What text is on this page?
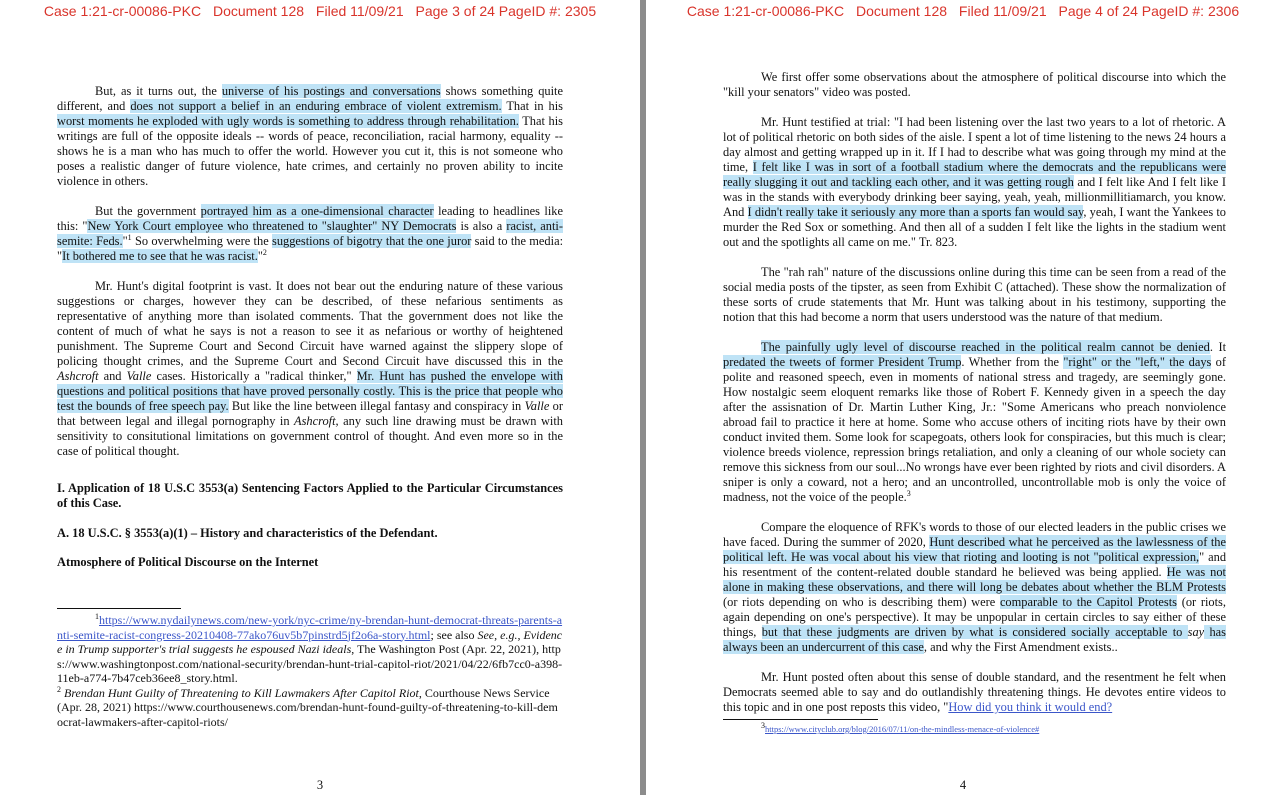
Case 1:21-cr-00086-PKC Document 128 Filed 11/09/21 Page 3 of 24 PageID #: 2305

But, as it turns out, the universe of his postings and conversations shows something quite different, and does not support a belief in an enduring embrace of violent extremism. That in his worst moments he exploded with ugly words is something to address through rehabilitation. That his writings are full of the opposite ideals -- words of peace, reconciliation, racial harmony, equality -- shows he is a man who has much to offer the world. However you cut it, this is not someone who poses a realistic danger of future violence, hate crimes, and certainly no proven ability to incite violence in others.

But the government portrayed him as a one-dimensional character leading to headlines like this: "New York Court employee who threatened to "slaughter" NY Democrats is also a racist, anti-semite: Feds."$^1$ So overwhelming were the suggestions of bigotry that the one juror said to the media: "It bothered me to see that he was racist."$^2$

Mr. Hunt's digital footprint is vast. It does not bear out the enduring nature of these various suggestions or charges, however they can be described, of these nefarious sentiments as representative of anything more than isolated comments. That the government does not like the content of much of what he says is not a reason to see it as nefarious or worthy of heightened punishment. The Supreme Court and Second Circuit have warned against the slippery slope of policing thought crimes, and the Supreme Court and Second Circuit have discussed this in the Ashcroft and Valle cases. Historically a "radical thinker," Mr. Hunt has pushed the envelope with questions and political positions that have proved personally costly. This is the price that people who test the bounds of free speech pay. But like the line between illegal fantasy and conspiracy in Valle or that between legal and illegal pornography in Ashcroft, any such line drawing must be drawn with sensitivity to consitutional limitations on government control of thought. And even more so in the case of political thought.

I. Application of 18 U.S.C 3553(a) Sentencing Factors Applied to the Particular Circumstances of this Case.
A. 18 U.S.C. § 3553(a)(1) – History and characteristics of the Defendant.
Atmosphere of Political Discourse on the Internet
$^1$https://www.nydailynews.com/new-york/nyc-crime/ny-brendan-hunt-democrat-threats-parents-anti-semite-racist-congress-20210408-77ako76uv5b7pinstrd5jf2o6a-story.html; see also See, e.g., Evidence in Trump supporter's trial suggests he espoused Nazi ideals, The Washington Post (Apr. 22, 2021), https://www.washingtonpost.com/national-security/brendan-hunt-trial-capitol-riot/2021/04/22/6fb7cc0-a398-11eb-a774-7b47ceb36ee8_story.html.
$^2$ Brendan Hunt Guilty of Threatening to Kill Lawmakers After Capitol Riot, Courthouse News Service (Apr. 28, 2021) https://www.courthousenews.com/brendan-hunt-found-guilty-of-threatening-to-kill-democrat-lawmakers-after-capitol-riots/
3
Case 1:21-cr-00086-PKC Document 128 Filed 11/09/21 Page 4 of 24 PageID #: 2306

We first offer some observations about the atmosphere of political discourse into which the "kill your senators" video was posted.

Mr. Hunt testified at trial: "I had been listening over the last two years to a lot of rhetoric. A lot of political rhetoric on both sides of the aisle. I spent a lot of time listening to the news 24 hours a day almost and getting wrapped up in it. If I had to describe what was going through my mind at the time, I felt like I was in sort of a football stadium where the democrats and the republicans were really slugging it out and tackling each other, and it was getting rough and I felt like And I felt like I was in the stands with everybody drinking beer saying, yeah, yeah, millionmillitiamarch, you know. And I didn't really take it seriously any more than a sports fan would say, yeah, I want the Yankees to murder the Red Sox or something. And then all of a sudden I felt like the lights in the stadium went out and the spotlights all came on me." Tr. 823.

The "rah rah" nature of the discussions online during this time can be seen from a read of the social media posts of the tipster, as seen from Exhibit C (attached). These show the normalization of these sorts of crude statements that Mr. Hunt was talking about in his testimony, supporting the notion that this had become a norm that users understood was the nature of that medium.

The painfully ugly level of discourse reached in the political realm cannot be denied. It predated the tweets of former President Trump. Whether from the "right" or the "left," the days of polite and reasoned speech, even in moments of national stress and tragedy, are seemingly gone. How nostalgic seem eloquent remarks like those of Robert F. Kennedy given in a speech the day after the assisnation of Dr. Martin Luther King, Jr.: "Some Americans who preach nonviolence abroad fail to practice it here at home. Some who accuse others of inciting riots have by their own conduct invited them. Some look for scapegoats, others look for conspiracies, but this much is clear; violence breeds violence, repression brings retaliation, and only a cleaning of our whole society can remove this sickness from our soul...No wrongs have ever been righted by riots and civil disorders. A sniper is only a coward, not a hero; and an uncontrolled, uncontrollable mob is only the voice of madness, not the voice of the people.$^3$

Compare the eloquence of RFK's words to those of our elected leaders in the public crises we have faced. During the summer of 2020, Hunt described what he perceived as the lawlessness of the political left. He was vocal about his view that rioting and looting is not "political expression," and his resentment of the content-related double standard he believed was being applied. He was not alone in making these observations, and there will long be debates about whether the BLM Protests (or riots depending on who is describing them) were comparable to the Capitol Protests (or riots, again depending on one's perspective). It may be unpopular in certain circles to say either of these things, but that these judgments are driven by what is considered socially acceptable to say has always been an undercurrent of this case, and why the First Amendment exists..

Mr. Hunt posted often about this sense of double standard, and the resentment he felt when Democrats seemed able to say and do outlandishly threatening things. He devotes entire videos to this topic and in one post reposts this video, "How did you think it would end?

$^3$https://www.cityclub.org/blog/2016/07/11/on-the-mindless-menace-of-violence#
4
